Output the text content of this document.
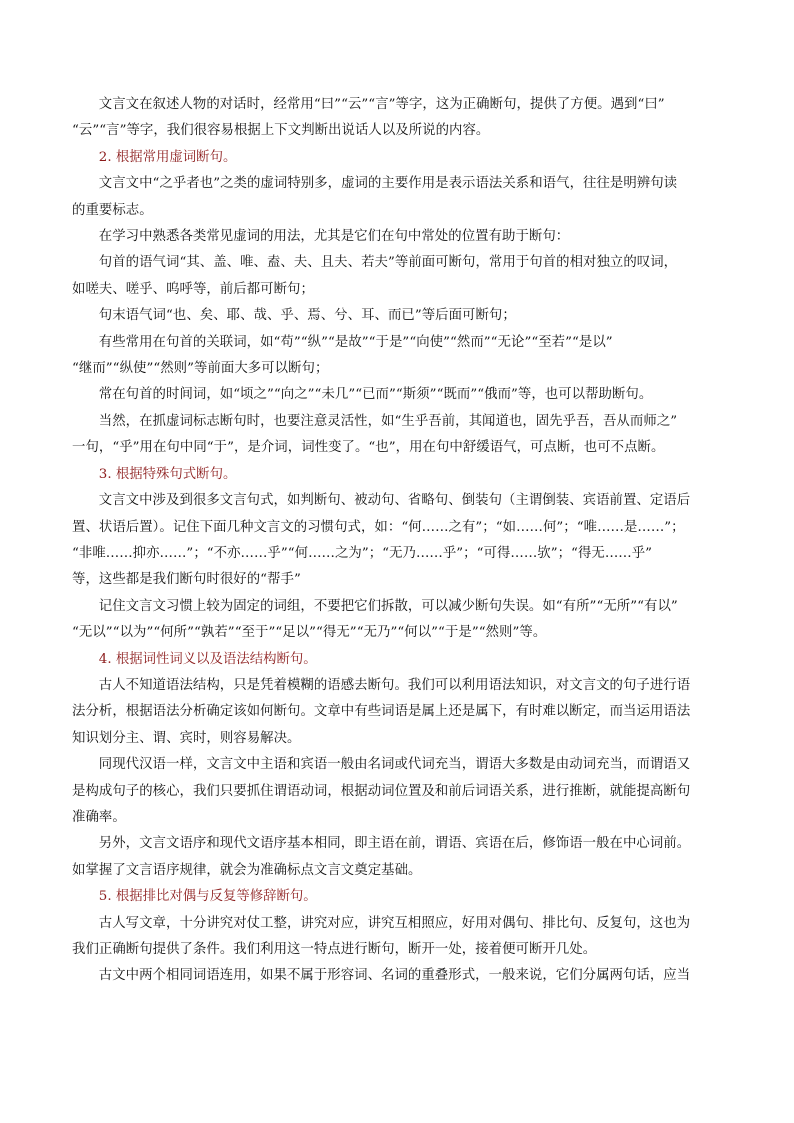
文言文在叙述人物的对话时，经常用“曰”“云”“言”等字，这为正确断句，提供了方便。遇到“曰”
“云”“言”等字，我们很容易根据上下文判断出说话人以及所说的内容。
2. 根据常用虚词断句。
文言文中“之乎者也”之类的虚词特别多，虚词的主要作用是表示语法关系和语气，往往是明辨句读
的重要标志。
在学习中熟悉各类常见虚词的用法，尤其是它们在句中常处的位置有助于断句：
句首的语气词“其、盖、唯、盍、夫、且夫、若夫”等前面可断句，常用于句首的相对独立的叹词，
如嗟夫、嗟乎、呜呼等，前后都可断句；
句末语气词“也、矣、耶、哉、乎、焉、兮、耳、而已”等后面可断句；
有些常用在句首的关联词，如“苟”“纵”“是故”“于是”“向使”“然而”“无论”“至若”“是以”
“继而”“纵使”“然则”等前面大多可以断句；
常在句首的时间词，如“顷之”“向之”“未几”“已而”“斯须”“既而”“俄而”等，也可以帮助断句。
当然，在抓虚词标志断句时，也要注意灵活性，如“生乎吾前，其闻道也，固先乎吾，吾从而师之”
一句，“乎”用在句中同“于”，是介词，词性变了。“也”，用在句中舒缓语气，可点断，也可不点断。
3. 根据特殊句式断句。
文言文中涉及到很多文言句式，如判断句、被动句、省略句、倒装句（主谓倒装、宾语前置、定语后
置、状语后置）。记住下面几种文言文的习惯句式，如：“何……之有”；“如……何”；“唯……是……”；
“非唯……抑亦……”；“不亦……乎”“何……之为”；“无乃……乎”；“可得……欤”；“得无……乎”
等，这些都是我们断句时很好的“帮手”
记住文言文习惯上较为固定的词组，不要把它们拆散，可以减少断句失误。如“有所”“无所”“有以”
“无以”“以为”“何所”“孰若”“至于”“足以”“得无”“无乃”“何以”“于是”“然则”等。
4. 根据词性词义以及语法结构断句。
古人不知道语法结构，只是凭着模糊的语感去断句。我们可以利用语法知识，对文言文的句子进行语
法分析，根据语法分析确定该如何断句。文章中有些词语是属上还是属下，有时难以断定，而当运用语法
知识划分主、谓、宾时，则容易解决。
同现代汉语一样，文言文中主语和宾语一般由名词或代词充当，谓语大多数是由动词充当，而谓语又
是构成句子的核心，我们只要抓住谓语动词，根据动词位置及和前后词语关系，进行推断，就能提高断句
准确率。
另外，文言文语序和现代文语序基本相同，即主语在前，谓语、宾语在后，修饰语一般在中心词前。
如掌握了文言语序规律，就会为准确标点文言文奠定基础。
5. 根据排比对偶与反复等修辞断句。
古人写文章，十分讲究对仗工整，讲究对应，讲究互相照应，好用对偶句、排比句、反复句，这也为
我们正确断句提供了条件。我们利用这一特点进行断句，断开一处，接着便可断开几处。
古文中两个相同词语连用，如果不属于形容词、名词的重叠形式，一般来说，它们分属两句话，应当
